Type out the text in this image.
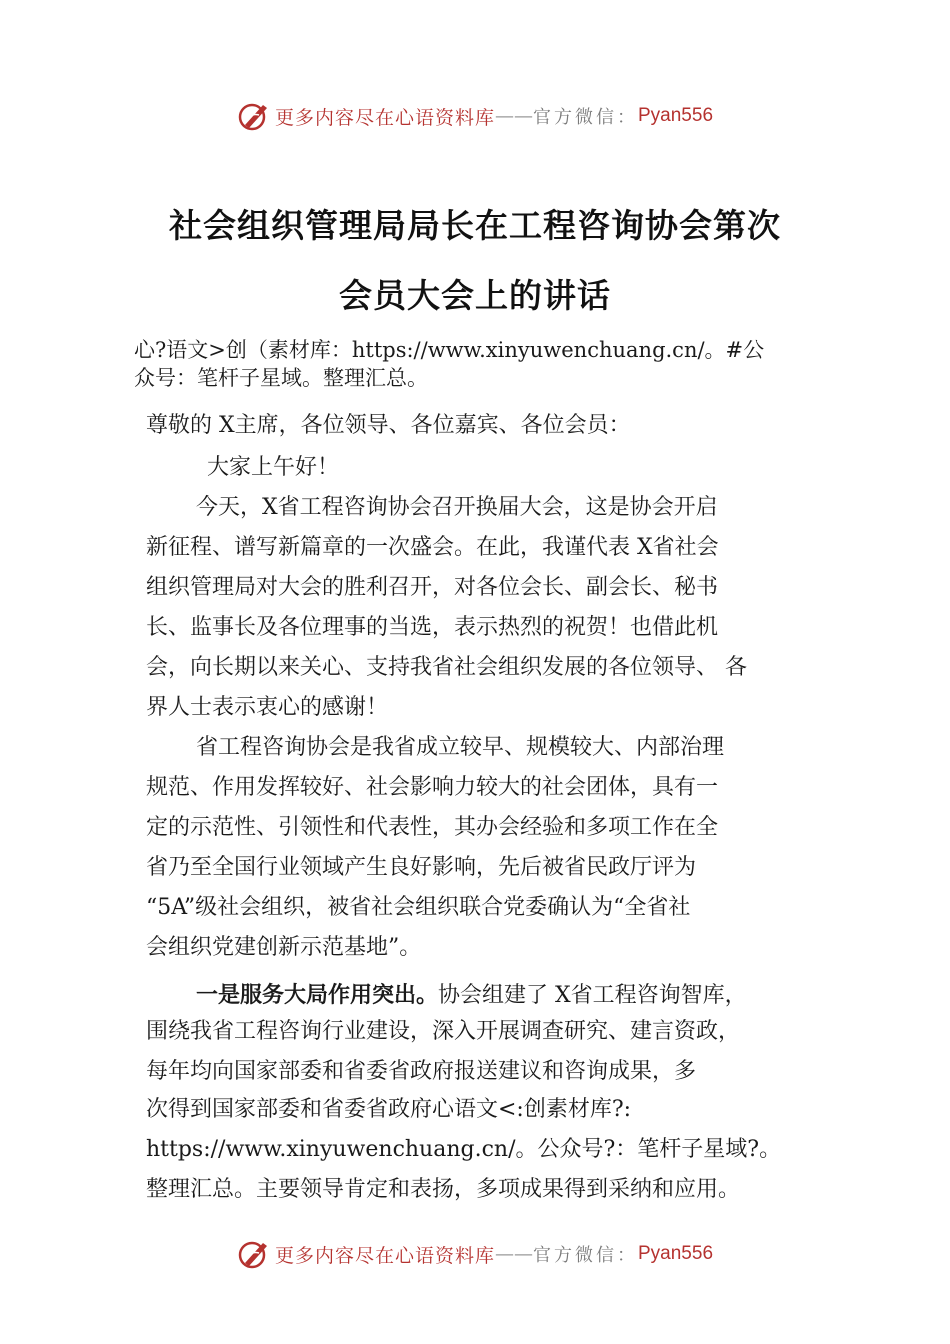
更多内容尽在心语资料库 —— 官方微信： Pyan556
社会组织管理局局长在工程咨询协会第次
会员大会上的讲话
心?语文>创（素材库：https://www.xinyuwenchuang.cn/。#公
众号：笔杆子星域。整理汇总。
尊敬的 X主席，各位领导、各位嘉宾、各位会员：
大家上午好！
今天，X省工程咨询协会召开换届大会，这是协会开启
新征程、谱写新篇章的一次盛会。在此，我谨代表 X省社会
组织管理局对大会的胜利召开，对各位会长、副会长、秘书
长、监事长及各位理事的当选，表示热烈的祝贺！也借此机
会，向长期以来关心、支持我省社会组织发展的各位领导、 各
界人士表示衷心的感谢！
省工程咨询协会是我省成立较早、规模较大、内部治理
规范、作用发挥较好、社会影响力较大的社会团体，具有一
定的示范性、引领性和代表性，其办会经验和多项工作在全
省乃至全国行业领域产生良好影响，先后被省民政厅评为
“5A”级社会组织，被省社会组织联合党委确认为“全省社
会组织党建创新示范基地”。
一是服务大局作用突出。协会组建了 X省工程咨询智库，
围绕我省工程咨询行业建设，深入开展调查研究、建言资政，
每年均向国家部委和省委省政府报送建议和咨询成果，多
次得到国家部委和省委省政府心语文<:创素材库?:
https://www.xinyuwenchuang.cn/。公众号?：笔杆子星域?。
整理汇总。主要领导肯定和表扬，多项成果得到采纳和应用。
更多内容尽在心语资料库 —— 官方微信： Pyan556
